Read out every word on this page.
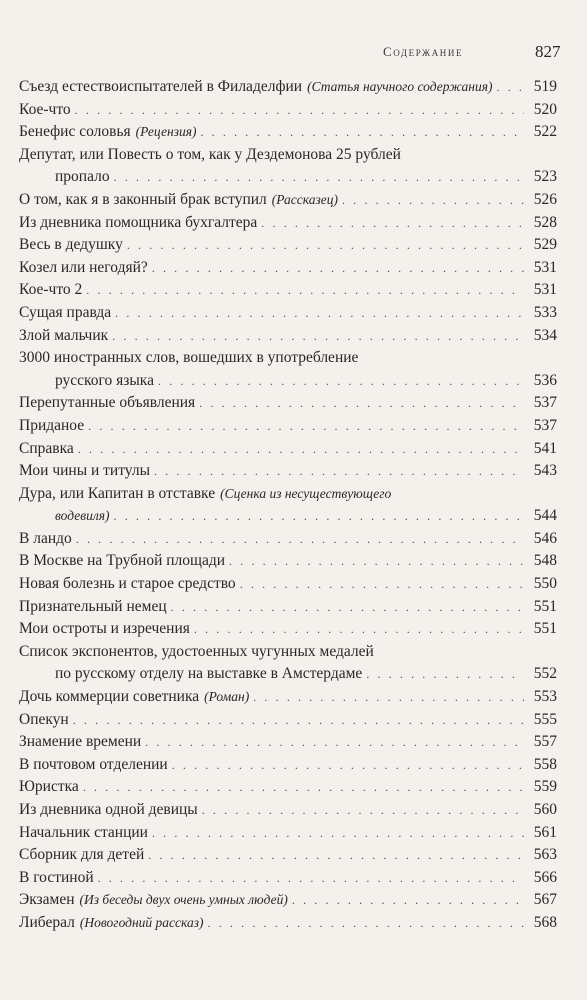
Содержание	827
Съезд естествоиспытателей в Филаделфии (Статья научного содержания) . . .	519
Кое-что . . .	520
Бенефис соловья (Рецензия) . . .	522
Депутат, или Повесть о том, как у Дездемонова 25 рублей
пропало . . .	523
О том, как я в законный брак вступил (Рассказец) . . .	526
Из дневника помощника бухгалтера . . .	528
Весь в дедушку . . .	529
Козел или негодяй? . . .	531
Кое-что 2 . . .	531
Сущая правда . . .	533
Злой мальчик . . .	534
3000 иностранных слов, вошедших в употребление
русского языка . . .	536
Перепутанные объявления . . .	537
Приданое . . .	537
Справка . . .	541
Мои чины и титулы . . .	543
Дура, или Капитан в отставке (Сценка из несуществующего
водевиля) . . .	544
В ландо . . .	546
В Москве на Трубной площади . . .	548
Новая болезнь и старое средство . . .	550
Признательный немец . . .	551
Мои остроты и изречения . . .	551
Список экспонентов, удостоенных чугунных медалей
по русскому отделу на выставке в Амстердаме . . .	552
Дочь коммерции советника (Роман) . . .	553
Опекун . . .	555
Знамение времени . . .	557
В почтовом отделении . . .	558
Юристка . . .	559
Из дневника одной девицы . . .	560
Начальник станции . . .	561
Сборник для детей . . .	563
В гостиной . . .	566
Экзамен (Из беседы двух очень умных людей) . . .	567
Либерал (Новогодний рассказ) . . .	568
